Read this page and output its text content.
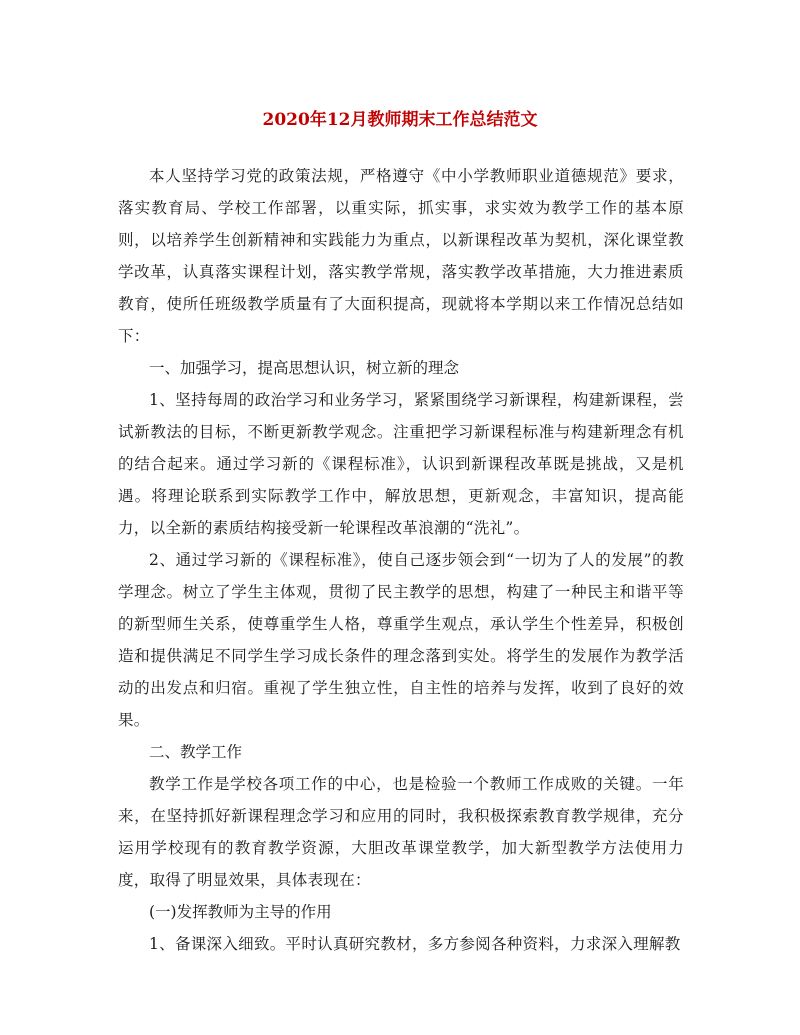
2020年12月教师期末工作总结范文

本人坚持学习党的政策法规，严格遵守《中小学教师职业道德规范》要求，落实教育局、学校工作部署，以重实际，抓实事，求实效为教学工作的基本原则，以培养学生创新精神和实践能力为重点，以新课程改革为契机，深化课堂教学改革，认真落实课程计划，落实教学常规，落实教学改革措施，大力推进素质教育，使所任班级教学质量有了大面积提高，现就将本学期以来工作情况总结如下：

一、加强学习，提高思想认识，树立新的理念

1、坚持每周的政治学习和业务学习，紧紧围绕学习新课程，构建新课程，尝试新教法的目标，不断更新教学观念。注重把学习新课程标准与构建新理念有机的结合起来。通过学习新的《课程标准》，认识到新课程改革既是挑战，又是机遇。将理论联系到实际教学工作中，解放思想，更新观念，丰富知识，提高能力，以全新的素质结构接受新一轮课程改革浪潮的“洗礼”。

2、通过学习新的《课程标准》，使自己逐步领会到“一切为了人的发展”的教学理念。树立了学生主体观，贯彻了民主教学的思想，构建了一种民主和谐平等的新型师生关系，使尊重学生人格，尊重学生观点，承认学生个性差异，积极创造和提供满足不同学生学习成长条件的理念落到实处。将学生的发展作为教学活动的出发点和归宿。重视了学生独立性，自主性的培养与发挥，收到了良好的效果。

二、教学工作

教学工作是学校各项工作的中心，也是检验一个教师工作成败的关键。一年来，在坚持抓好新课程理念学习和应用的同时，我积极探索教育教学规律，充分运用学校现有的教育教学资源，大胆改革课堂教学，加大新型教学方法使用力度，取得了明显效果，具体表现在：

(一)发挥教师为主导的作用

1、备课深入细致。平时认真研究教材，多方参阅各种资料，力求深入理解教
